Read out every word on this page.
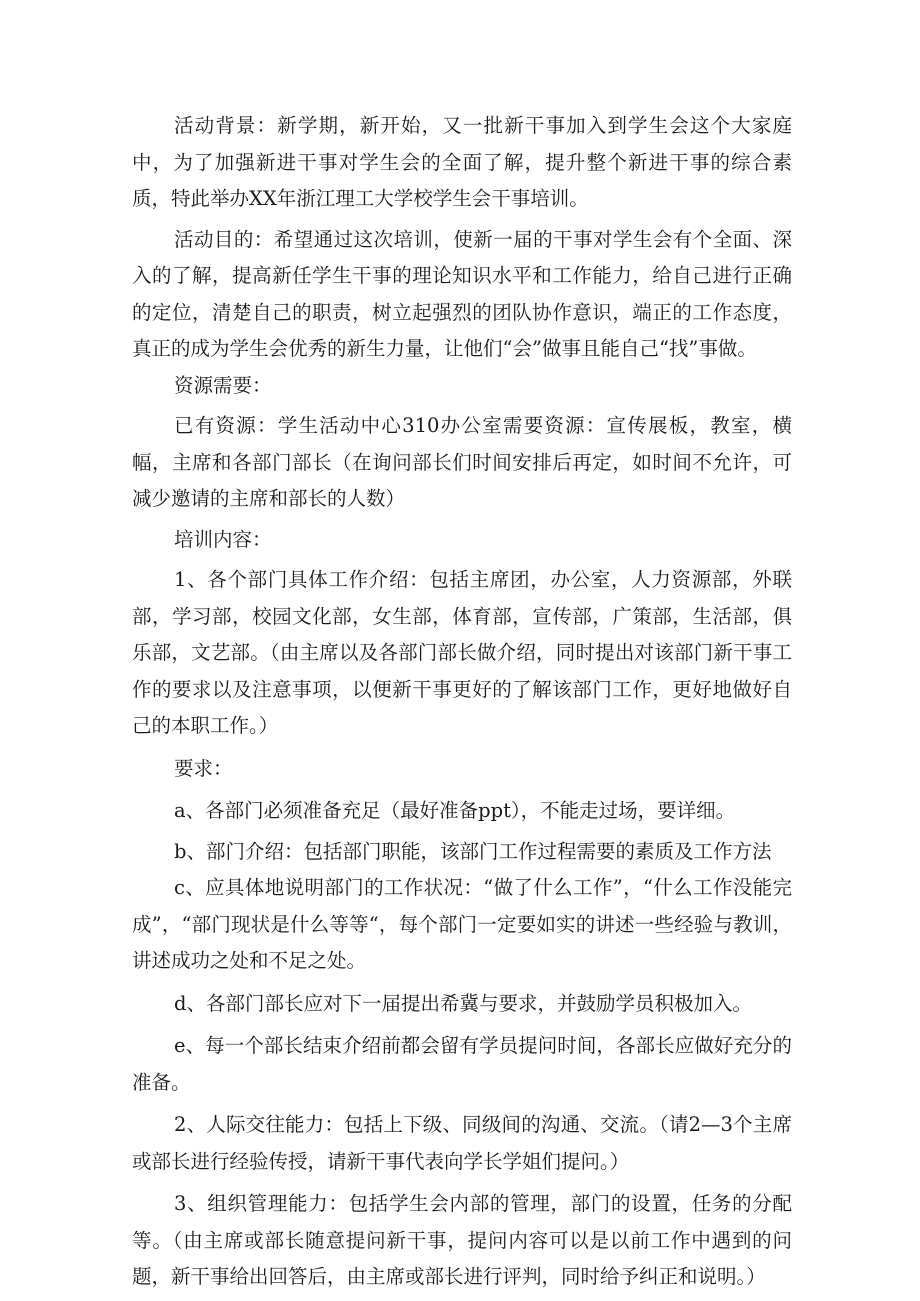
活动背景：新学期，新开始，又一批新干事加入到学生会这个大家庭中，为了加强新进干事对学生会的全面了解，提升整个新进干事的综合素质，特此举办XX年浙江理工大学校学生会干事培训。

活动目的：希望通过这次培训，使新一届的干事对学生会有个全面、深入的了解，提高新任学生干事的理论知识水平和工作能力，给自己进行正确的定位，清楚自己的职责，树立起强烈的团队协作意识，端正的工作态度，真正的成为学生会优秀的新生力量，让他们“会”做事且能自己“找”事做。

资源需要：

已有资源：学生活动中心310办公室需要资源：宣传展板，教室，横幅，主席和各部门部长（在询问部长们时间安排后再定，如时间不允许，可减少邀请的主席和部长的人数）

培训内容：

1、各个部门具体工作介绍：包括主席团，办公室，人力资源部，外联部，学习部，校园文化部，女生部，体育部，宣传部，广策部，生活部，俱乐部，文艺部。（由主席以及各部门部长做介绍，同时提出对该部门新干事工作的要求以及注意事项，以便新干事更好的了解该部门工作，更好地做好自己的本职工作。）

要求：

a、各部门必须准备充足（最好准备ppt），不能走过场，要详细。

b、部门介绍：包括部门职能，该部门工作过程需要的素质及工作方法

c、应具体地说明部门的工作状况：“做了什么工作”，“什么工作没能完成”，“部门现状是什么等等“，每个部门一定要如实的讲述一些经验与教训，讲述成功之处和不足之处。

d、各部门部长应对下一届提出希冀与要求，并鼓励学员积极加入。

e、每一个部长结束介绍前都会留有学员提问时间，各部长应做好充分的准备。

2、人际交往能力：包括上下级、同级间的沟通、交流。（请2—3个主席或部长进行经验传授，请新干事代表向学长学姐们提问。）

3、组织管理能力：包括学生会内部的管理，部门的设置，任务的分配等。（由主席或部长随意提问新干事，提问内容可以是以前工作中遇到的问题，新干事给出回答后，由主席或部长进行评判，同时给予纠正和说明。）
